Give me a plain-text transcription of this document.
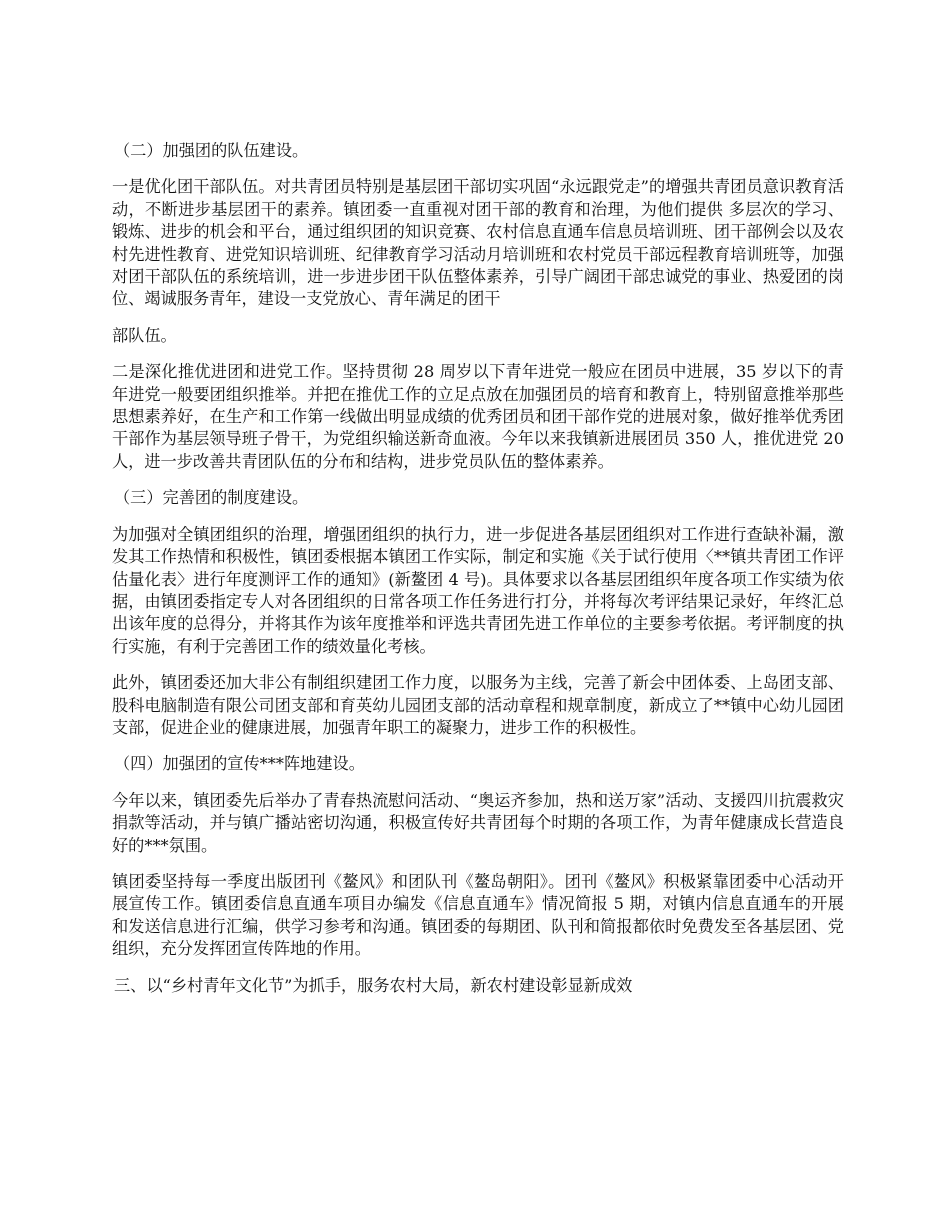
（二）加强团的队伍建设。

一是优化团干部队伍。对共青团员特别是基层团干部切实巩固“永远跟党走”的增强共青团员意识教育活动，不断进步基层团干的素养。镇团委一直重视对团干部的教育和治理，为他们提供 多层次的学习、锻炼、进步的机会和平台，通过组织团的知识竞赛、农村信息直通车信息员培训班、团干部例会以及农村先进性教育、进党知识培训班、纪律教育学习活动月培训班和农村党员干部远程教育培训班等，加强对团干部队伍的系统培训，进一步进步团干队伍整体素养，引导广阔团干部忠诚党的事业、热爱团的岗位、竭诚服务青年，建设一支党放心、青年满足的团干

部队伍。

二是深化推优进团和进党工作。坚持贯彻 28 周岁以下青年进党一般应在团员中进展，35 岁以下的青年进党一般要团组织推举。并把在推优工作的立足点放在加强团员的培育和教育上，特别留意推举那些思想素养好，在生产和工作第一线做出明显成绩的优秀团员和团干部作党的进展对象，做好推举优秀团干部作为基层领导班子骨干，为党组织输送新奇血液。今年以来我镇新进展团员 350 人，推优进党 20 人，进一步改善共青团队伍的分布和结构，进步党员队伍的整体素养。

（三）完善团的制度建设。

为加强对全镇团组织的治理，增强团组织的执行力，进一步促进各基层团组织对工作进行查缺补漏，激发其工作热情和积极性，镇团委根据本镇团工作实际，制定和实施《关于试行使用〈**镇共青团工作评估量化表〉进行年度测评工作的通知》(新鳌团 4 号)。具体要求以各基层团组织年度各项工作实绩为依据，由镇团委指定专人对各团组织的日常各项工作任务进行打分，并将每次考评结果记录好，年终汇总出该年度的总得分，并将其作为该年度推举和评选共青团先进工作单位的主要参考依据。考评制度的执行实施，有利于完善团工作的绩效量化考核。

此外，镇团委还加大非公有制组织建团工作力度，以服务为主线，完善了新会中团体委、上岛团支部、股科电脑制造有限公司团支部和育英幼儿园团支部的活动章程和规章制度，新成立了**镇中心幼儿园团支部，促进企业的健康进展，加强青年职工的凝聚力，进步工作的积极性。

（四）加强团的宣传***阵地建设。

今年以来，镇团委先后举办了青春热流慰问活动、“奥运齐参加，热和送万家”活动、支援四川抗震救灾捐款等活动，并与镇广播站密切沟通，积极宣传好共青团每个时期的各项工作，为青年健康成长营造良好的***氛围。

镇团委坚持每一季度出版团刊《鳌风》和团队刊《鳌岛朝阳》。团刊《鳌风》积极紧靠团委中心活动开展宣传工作。镇团委信息直通车项目办编发《信息直通车》情况简报 5 期，对镇内信息直通车的开展和发送信息进行汇编，供学习参考和沟通。镇团委的每期团、队刊和简报都依时免费发至各基层团、党组织，充分发挥团宣传阵地的作用。

三、以“乡村青年文化节”为抓手，服务农村大局，新农村建设彰显新成效
